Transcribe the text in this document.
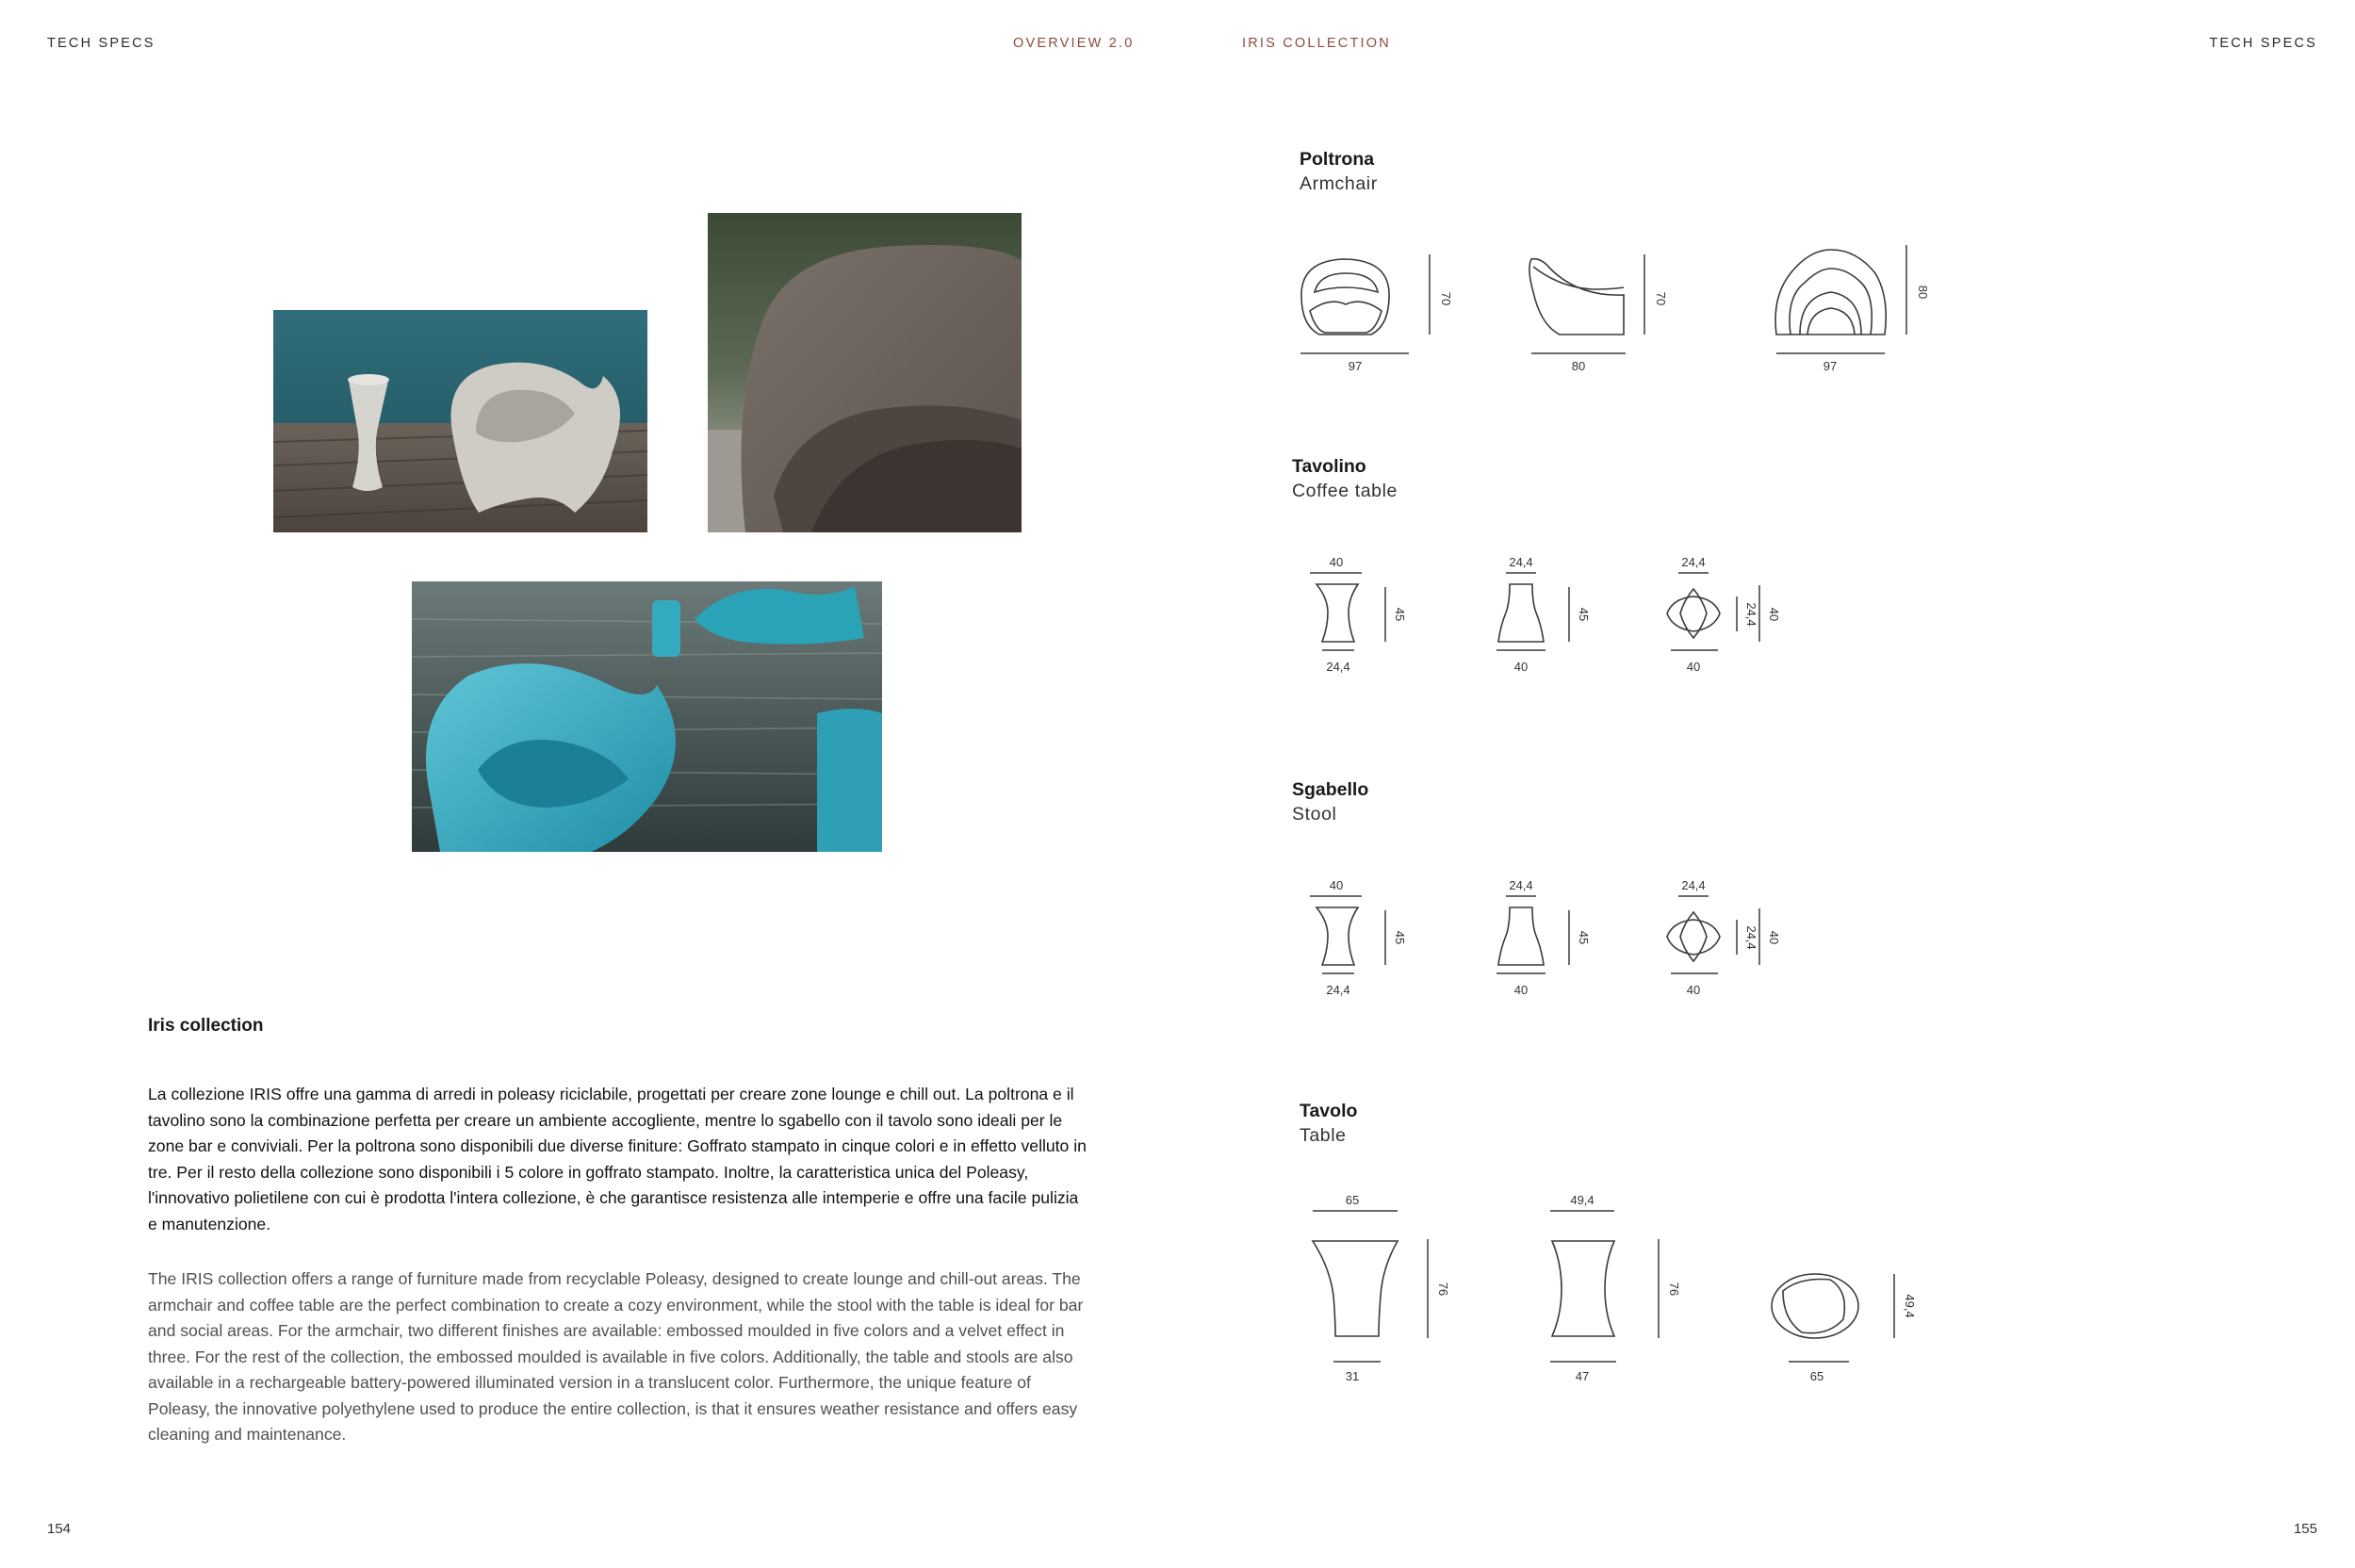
TECH SPECS	OVERVIEW 2.0	IRIS COLLECTION	TECH SPECS
Iris collection

La collezione IRIS offre una gamma di arredi in poleasy riciclabile, progettati per creare zone lounge e chill out. La poltrona e il tavolino sono la combinazione perfetta per creare un ambiente accogliente, mentre lo sgabello con il tavolo sono ideali per le zone bar e conviviali. Per la poltrona sono disponibili due diverse finiture: Goffrato stampato in cinque colori e in effetto velluto in tre. Per il resto della collezione sono disponibili i 5 colore in goffrato stampato. Inoltre, la caratteristica unica del Poleasy, l'innovativo polietilene con cui è prodotta l'intera collezione, è che garantisce resistenza alle intemperie e offre una facile pulizia e manutenzione.

The IRIS collection offers a range of furniture made from recyclable Poleasy, designed to create lounge and chill-out areas. The armchair and coffee table are the perfect combination to create a cozy environment, while the stool with the table is ideal for bar and social areas. For the armchair, two different finishes are available: embossed moulded in five colors and a velvet effect in three. For the rest of the collection, the embossed moulded is available in five colors. Additionally, the table and stools are also available in a rechargeable battery-powered illuminated version in a translucent color. Furthermore, the unique feature of Poleasy, the innovative polyethylene used to produce the entire collection, is that it ensures weather resistance and offers easy cleaning and maintenance.

154	155
Poltrona
Armchair
97
70
80
70
97
80
Tavolino
Coffee table
40
24,4
45
24,4
40
45
24,4
40
24,4 40
Sgabello
Stool
40
24,4
45
24,4
40
45
24,4
40
24,4 40
Tavolo
Table
65
31
76
49,4
47
76
65
49,4
